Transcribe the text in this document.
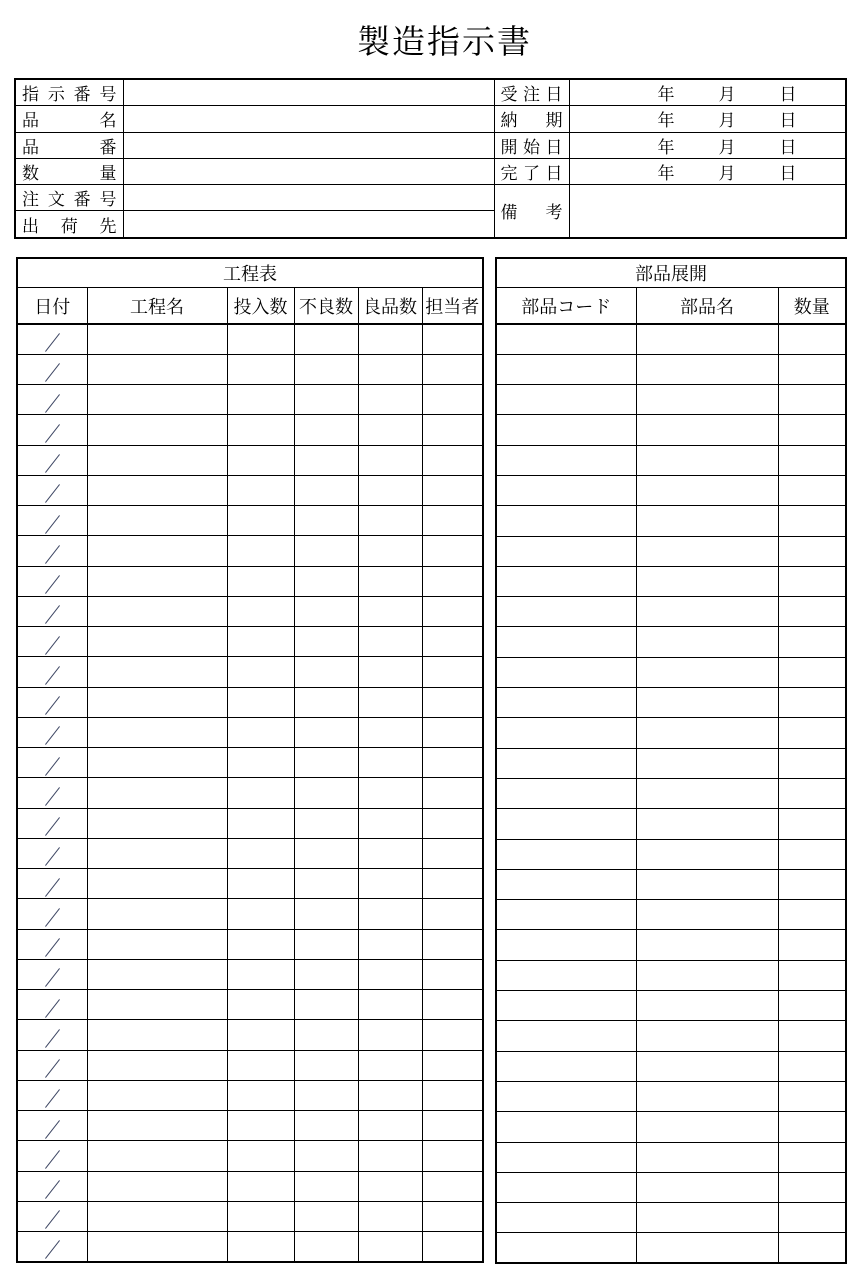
製造指示書
指 示 番 号		受 注 日	年 月 日

品 名		納 期	年 月 日

品 番		開 始 日	年 月 日

数 量		完 了 日	年 月 日

注 文 番 号		備 考	

出 荷 先			

工程表					
日付	工程名	投入数	不良数	良品数	担当者

部品展開		
部品コード	部品名	数量
